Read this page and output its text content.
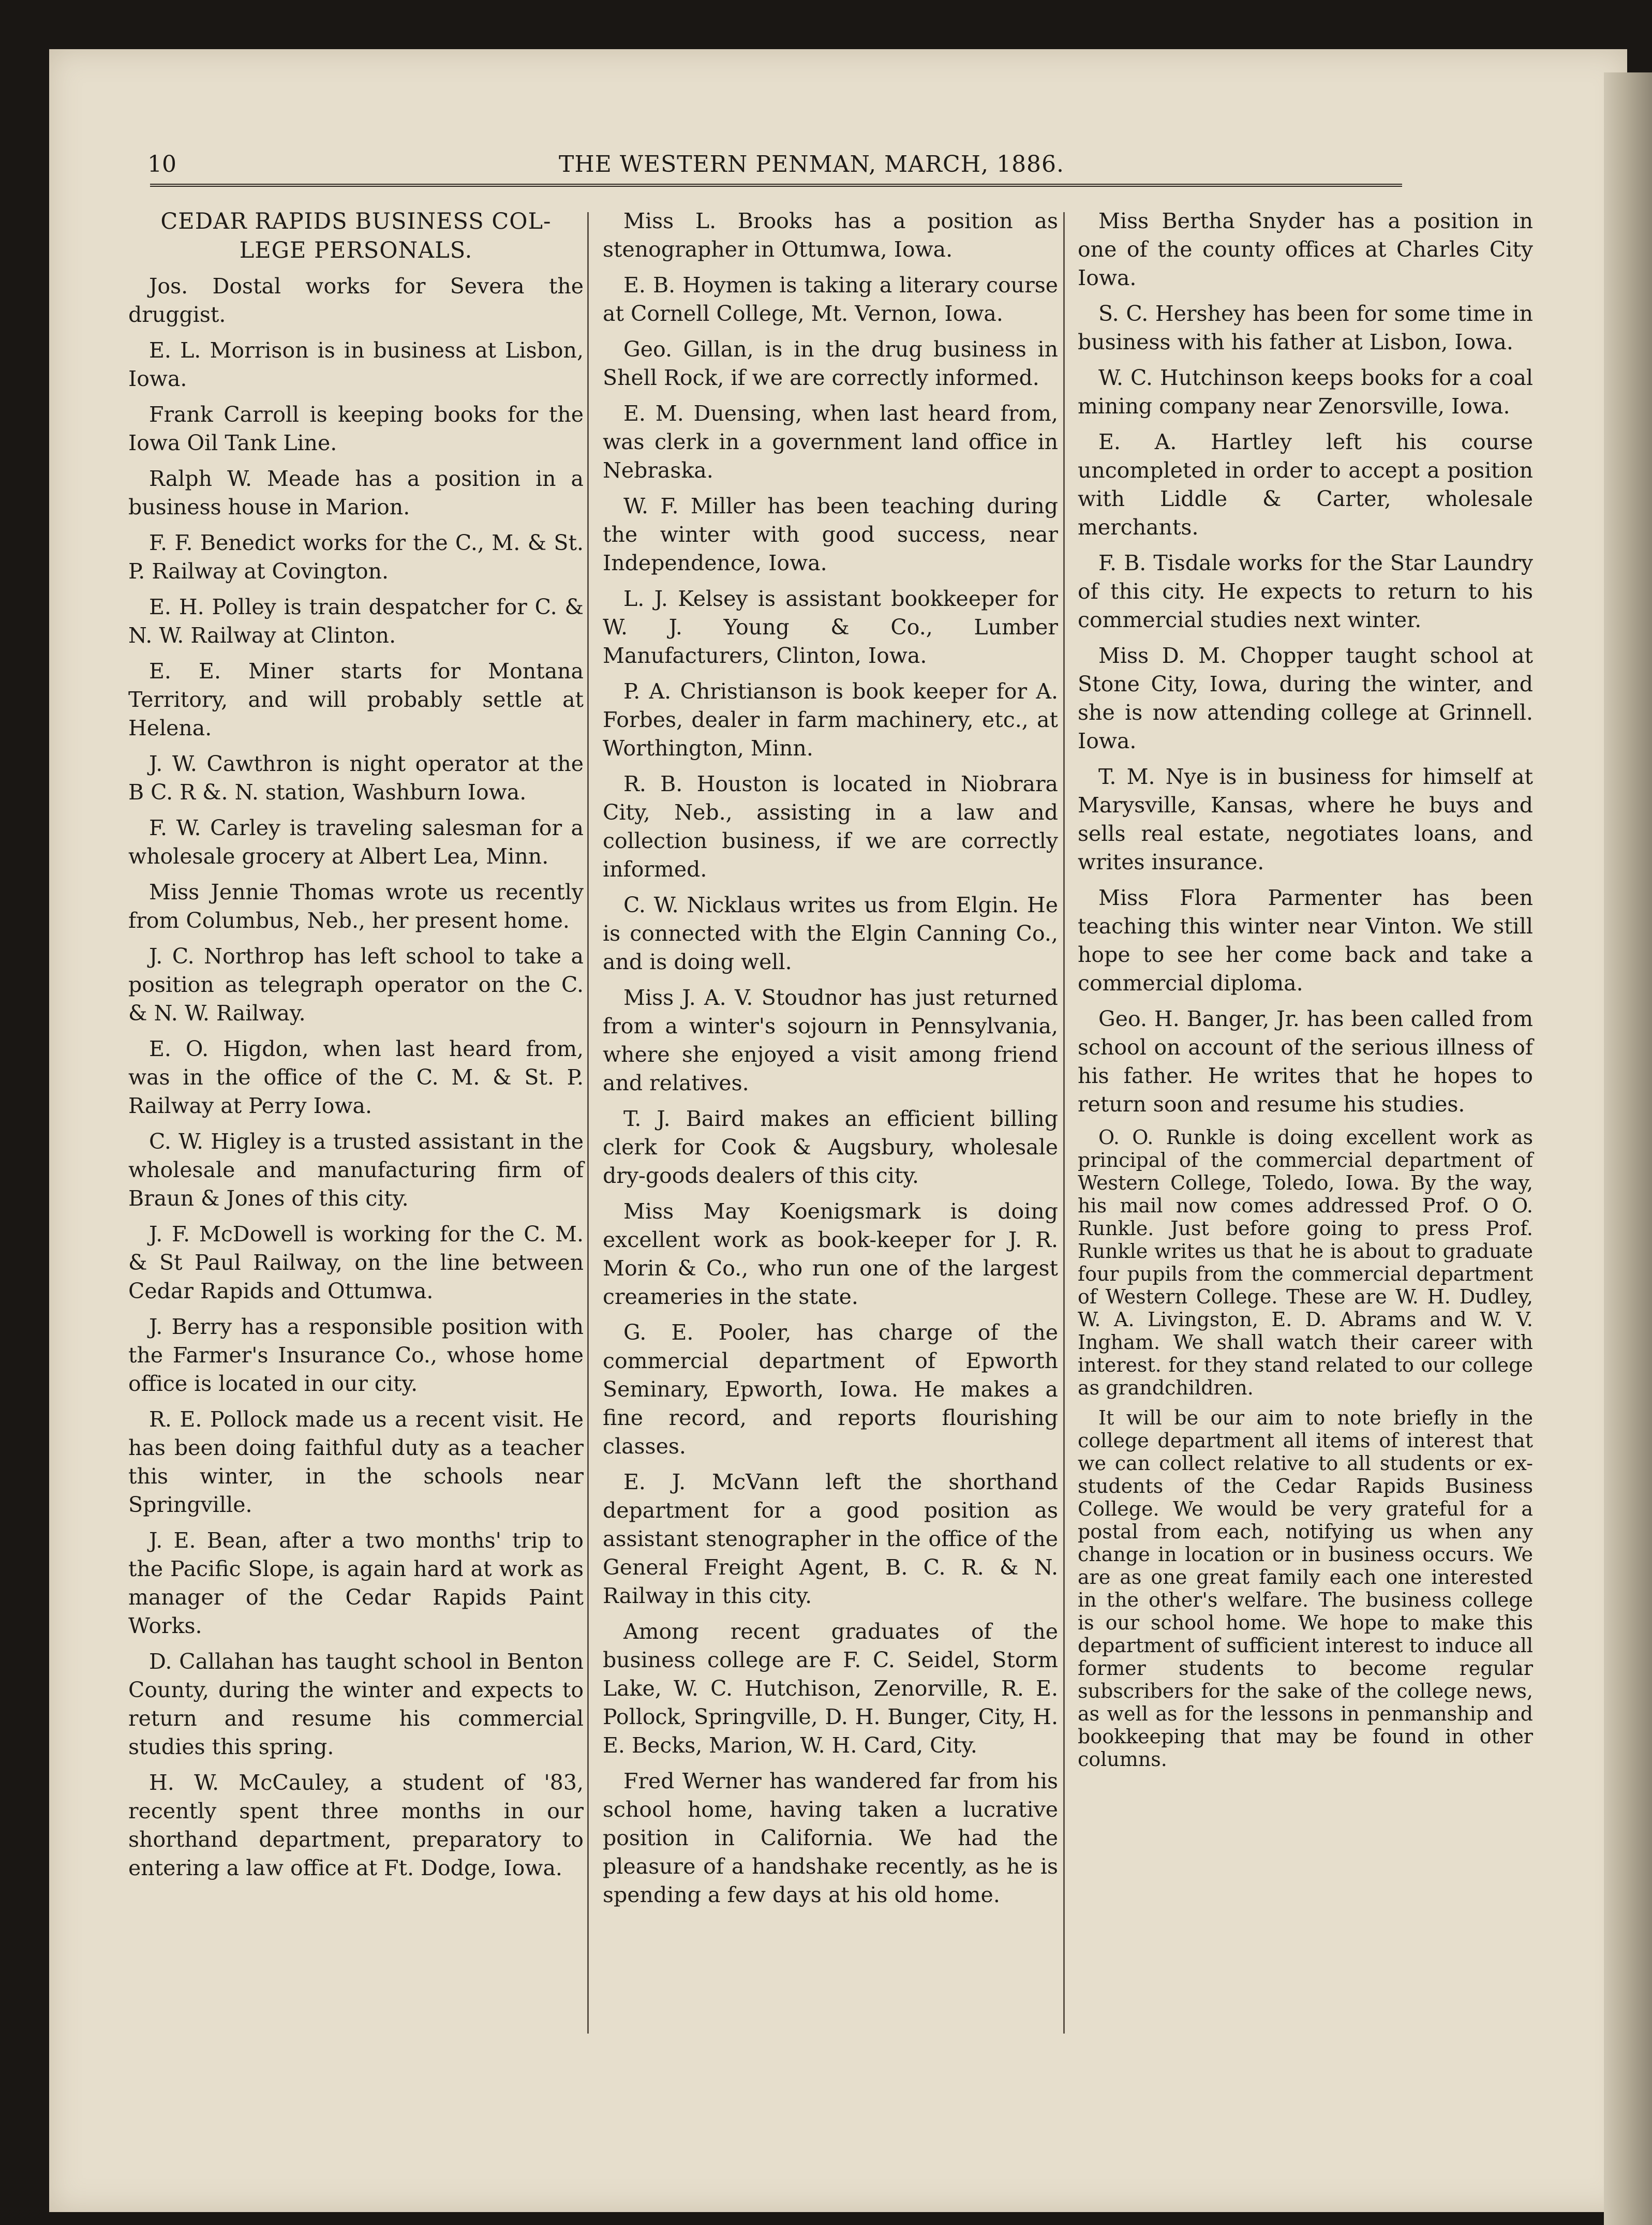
10	THE WESTERN PENMAN, MARCH, 1886.
CEDAR RAPIDS BUSINESS COL- LEGE PERSONALS.

Jos. Dostal works for Severa the druggist.

E. L. Morrison is in business at Lisbon, Iowa.

Frank Carroll is keeping books for the Iowa Oil Tank Line.

Ralph W. Meade has a position in a business house in Marion.

F. F. Benedict works for the C., M. & St. P. Railway at Covington.

E. H. Polley is train despatcher for C. & N. W. Railway at Clinton.

E. E. Miner starts for Montana Territory, and will probably settle at Helena.

J. W. Cawthron is night operator at the B C. R &. N. station, Washburn Iowa.

F. W. Carley is traveling salesman for a wholesale grocery at Albert Lea, Minn.

Miss Jennie Thomas wrote us recently from Columbus, Neb., her present home.

J. C. Northrop has left school to take a position as telegraph operator on the C. & N. W. Railway.

E. O. Higdon, when last heard from, was in the office of the C. M. & St. P. Railway at Perry Iowa.

C. W. Higley is a trusted assistant in the wholesale and manufacturing firm of Braun & Jones of this city.

J. F. McDowell is working for the C. M. & St Paul Railway, on the line between Cedar Rapids and Ottumwa.

J. Berry has a responsible position with the Farmer's Insurance Co., whose home office is located in our city.

R. E. Pollock made us a recent visit. He has been doing faithful duty as a teacher this winter, in the schools near Springville.

J. E. Bean, after a two months' trip to the Pacific Slope, is again hard at work as manager of the Cedar Rapids Paint Works.

D. Callahan has taught school in Benton County, during the winter and expects to return and resume his commercial studies this spring.

H. W. McCauley, a student of '83, recently spent three months in our shorthand department, preparatory to entering a law office at Ft. Dodge, Iowa.

Miss L. Brooks has a position as stenographer in Ottumwa, Iowa.

E. B. Hoymen is taking a literary course at Cornell College, Mt. Vernon, Iowa.

Geo. Gillan, is in the drug business in Shell Rock, if we are correctly informed.

E. M. Duensing, when last heard from, was clerk in a government land office in Nebraska.

W. F. Miller has been teaching during the winter with good success, near Independence, Iowa.

L. J. Kelsey is assistant bookkeeper for W. J. Young & Co., Lumber Manufacturers, Clinton, Iowa.

P. A. Christianson is book keeper for A. Forbes, dealer in farm machinery, etc., at Worthington, Minn.

R. B. Houston is located in Niobrara City, Neb., assisting in a law and collection business, if we are correctly informed.

C. W. Nicklaus writes us from Elgin. He is connected with the Elgin Canning Co., and is doing well.

Miss J. A. V. Stoudnor has just returned from a winter's sojourn in Pennsylvania, where she enjoyed a visit among friend and relatives.

T. J. Baird makes an efficient billing clerk for Cook & Augsbury, wholesale dry-goods dealers of this city.

Miss May Koenigsmark is doing excellent work as book-keeper for J. R. Morin & Co., who run one of the largest creameries in the state.

G. E. Pooler, has charge of the commercial department of Epworth Seminary, Epworth, Iowa. He makes a fine record, and reports flourishing classes.

E. J. McVann left the shorthand department for a good position as assistant stenographer in the office of the General Freight Agent, B. C. R. & N. Railway in this city.

Among recent graduates of the business college are F. C. Seidel, Storm Lake, W. C. Hutchison, Zenorville, R. E. Pollock, Springville, D. H. Bunger, City, H. E. Becks, Marion, W. H. Card, City.

Fred Werner has wandered far from his school home, having taken a lucrative position in California. We had the pleasure of a handshake recently, as he is spending a few days at his old home.

Miss Bertha Snyder has a position in one of the county offices at Charles City Iowa.

S. C. Hershey has been for some time in business with his father at Lisbon, Iowa.

W. C. Hutchinson keeps books for a coal mining company near Zenorsville, Iowa.

E. A. Hartley left his course uncompleted in order to accept a position with Liddle & Carter, wholesale merchants.

F. B. Tisdale works for the Star Laundry of this city. He expects to return to his commercial studies next winter.

Miss D. M. Chopper taught school at Stone City, Iowa, during the winter, and she is now attending college at Grinnell. Iowa.

T. M. Nye is in business for himself at Marysville, Kansas, where he buys and sells real estate, negotiates loans, and writes insurance.

Miss Flora Parmenter has been teaching this winter near Vinton. We still hope to see her come back and take a commercial diploma.

Geo. H. Banger, Jr. has been called from school on account of the serious illness of his father. He writes that he hopes to return soon and resume his studies.

O. O. Runkle is doing excellent work as principal of the commercial department of Western College, Toledo, Iowa. By the way, his mail now comes addressed Prof. O O. Runkle. Just before going to press Prof. Runkle writes us that he is about to graduate four pupils from the commercial department of Western College. These are W. H. Dudley, W. A. Livingston, E. D. Abrams and W. V. Ingham. We shall watch their career with interest. for they stand related to our college as grandchildren.

It will be our aim to note briefly in the college department all items of interest that we can collect relative to all students or ex-students of the Cedar Rapids Business College. We would be very grateful for a postal from each, notifying us when any change in location or in business occurs. We are as one great family each one interested in the other's welfare. The business college is our school home. We hope to make this department of sufficient interest to induce all former students to become regular subscribers for the sake of the college news, as well as for the lessons in penmanship and bookkeeping that may be found in other columns.
